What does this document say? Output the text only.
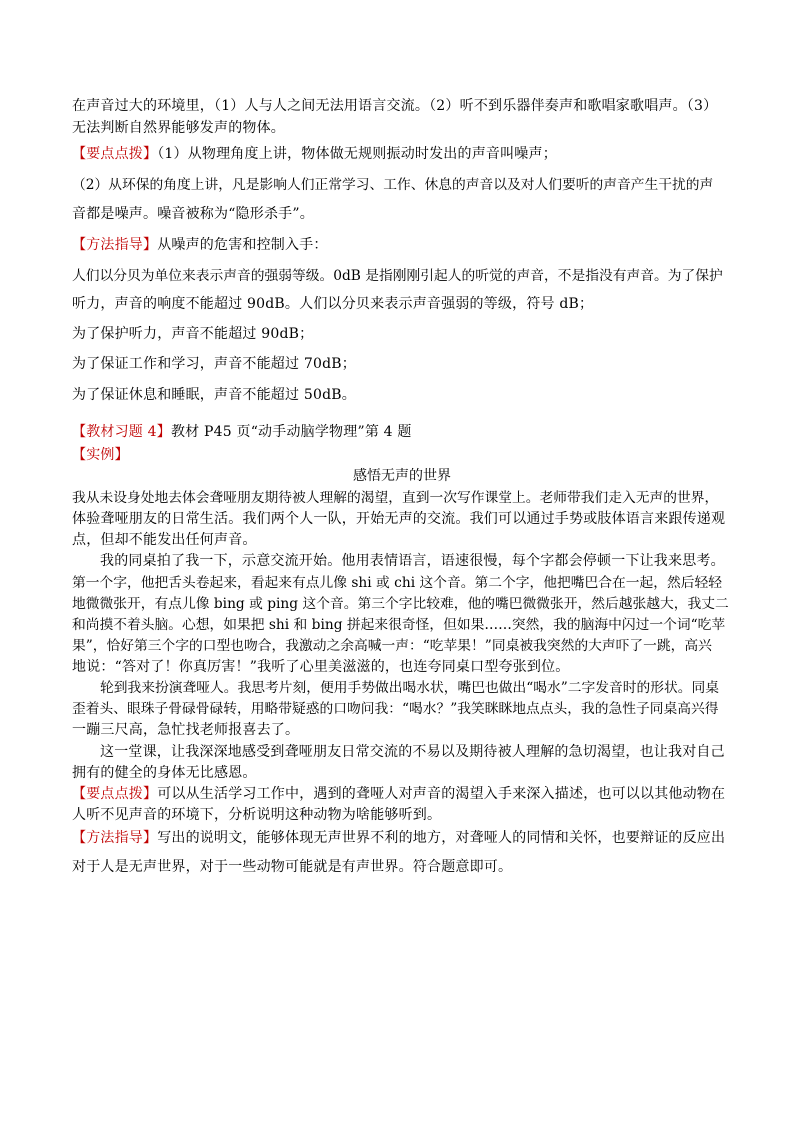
在声音过大的环境里，（1）人与人之间无法用语言交流。（2）听不到乐器伴奏声和歌唱家歌唱声。（3）
无法判断自然界能够发声的物体。
【要点点拨】（1）从物理角度上讲，物体做无规则振动时发出的声音叫噪声；
（2）从环保的角度上讲，凡是影响人们正常学习、工作、休息的声音以及对人们要听的声音产生干扰的声
音都是噪声。噪音被称为“隐形杀手”。
【方法指导】从噪声的危害和控制入手：
人们以分贝为单位来表示声音的强弱等级。0dB 是指刚刚引起人的听觉的声音，不是指没有声音。为了保护
听力，声音的响度不能超过 90dB。人们以分贝来表示声音强弱的等级，符号 dB；
为了保护听力，声音不能超过 90dB；
为了保证工作和学习，声音不能超过 70dB；
为了保证休息和睡眠，声音不能超过 50dB。
【教材习题 4】教材 P45 页“动手动脑学物理”第 4 题
【实例】
感悟无声的世界
我从未设身处地去体会聋哑朋友期待被人理解的渴望，直到一次写作课堂上。老师带我们走入无声的世界，
体验聋哑朋友的日常生活。我们两个人一队，开始无声的交流。我们可以通过手势或肢体语言来跟传递观
点，但却不能发出任何声音。
我的同桌拍了我一下，示意交流开始。他用表情语言，语速很慢，每个字都会停顿一下让我来思考。
第一个字，他把舌头卷起来，看起来有点儿像 shi 或 chi 这个音。第二个字，他把嘴巴合在一起，然后轻轻
地微微张开，有点儿像 bing 或 ping 这个音。第三个字比较难，他的嘴巴微微张开，然后越张越大，我丈二
和尚摸不着头脑。心想，如果把 shi 和 bing 拼起来很奇怪，但如果……突然，我的脑海中闪过一个词“吃苹
果”，恰好第三个字的口型也吻合，我激动之余高喊一声：“吃苹果！”同桌被我突然的大声吓了一跳，高兴
地说：“答对了！你真厉害！”我听了心里美滋滋的，也连夸同桌口型夸张到位。
轮到我来扮演聋哑人。我思考片刻，便用手势做出喝水状，嘴巴也做出“喝水”二字发音时的形状。同桌
歪着头、眼珠子骨碌骨碌转，用略带疑惑的口吻问我：“喝水？”我笑眯眯地点点头，我的急性子同桌高兴得
一蹦三尺高，急忙找老师报喜去了。
这一堂课，让我深深地感受到聋哑朋友日常交流的不易以及期待被人理解的急切渴望，也让我对自己
拥有的健全的身体无比感恩。
【要点点拨】可以从生活学习工作中，遇到的聋哑人对声音的渴望入手来深入描述，也可以以其他动物在
人听不见声音的环境下，分析说明这种动物为啥能够听到。
【方法指导】写出的说明文，能够体现无声世界不利的地方，对聋哑人的同情和关怀，也要辩证的反应出
对于人是无声世界，对于一些动物可能就是有声世界。符合题意即可。
